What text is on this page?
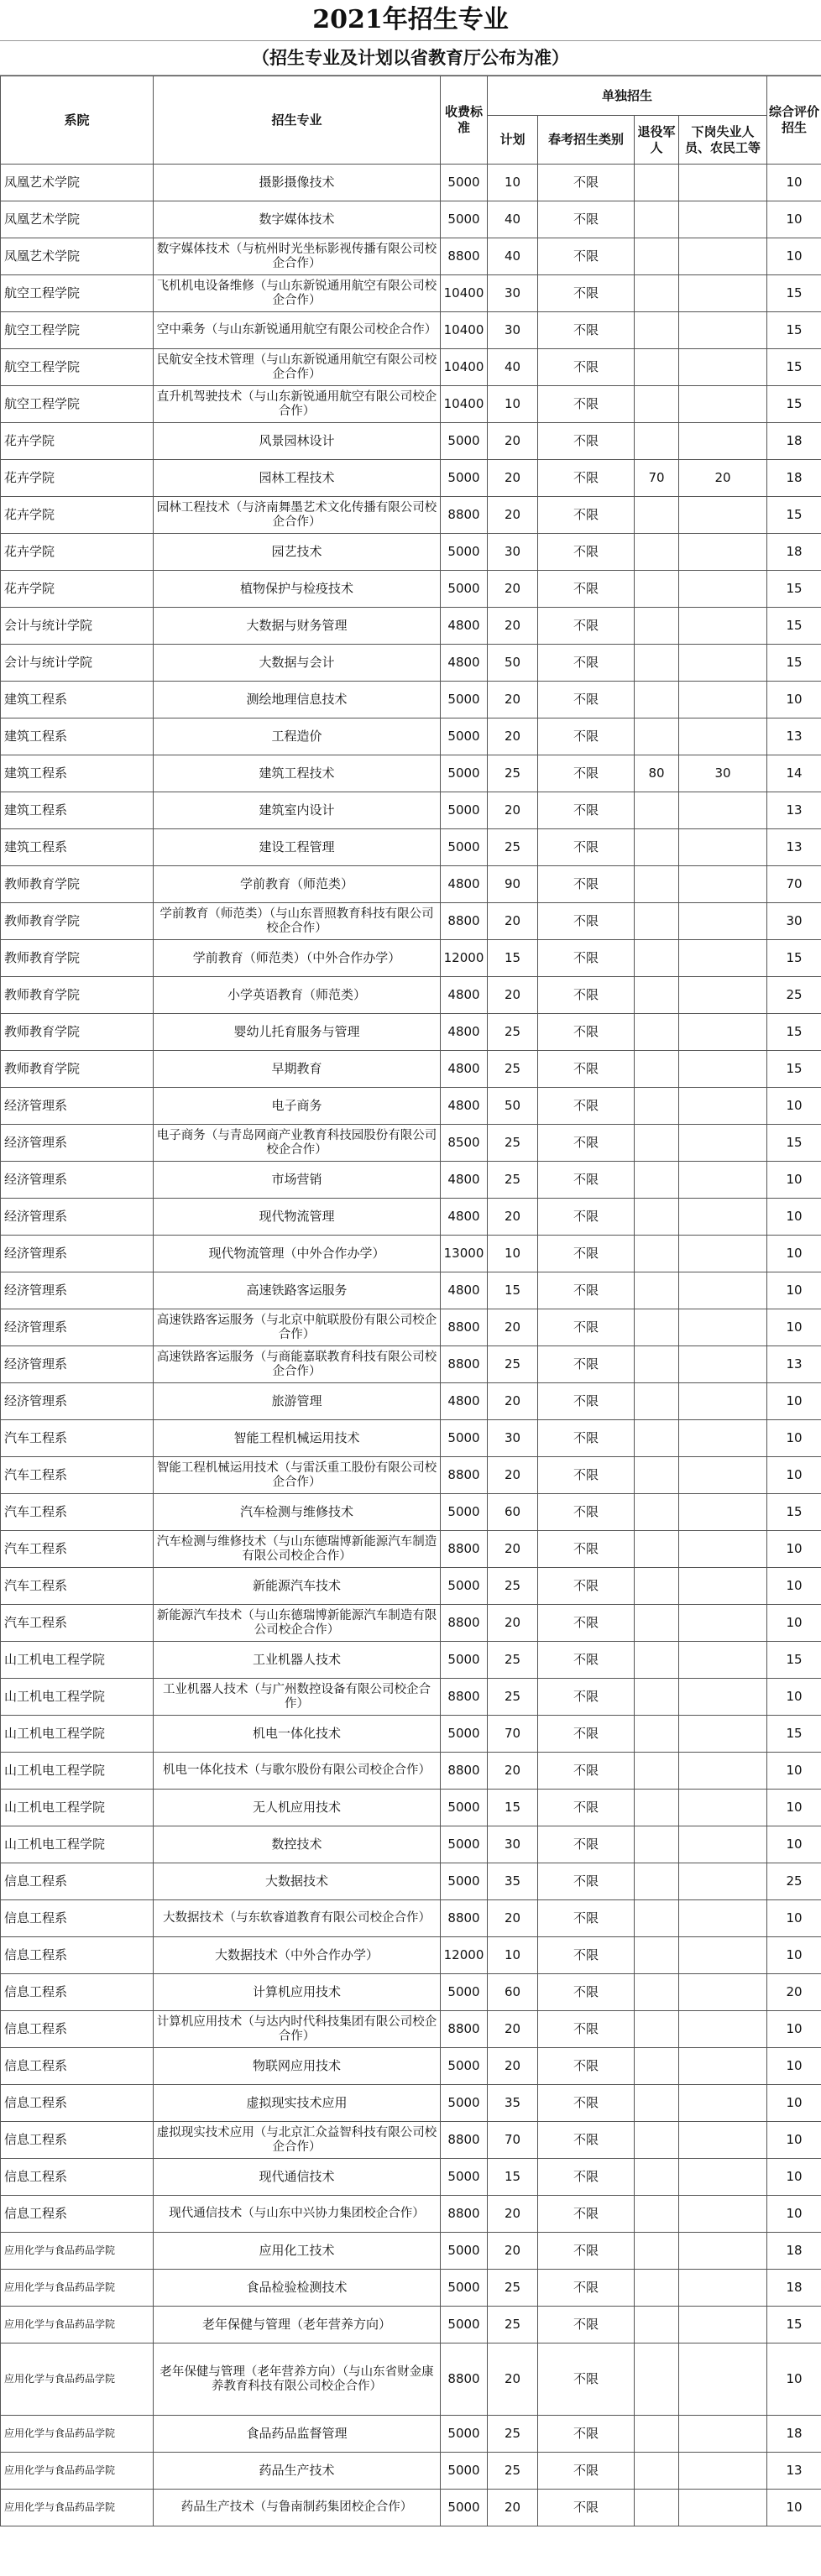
2021年招生专业
（招生专业及计划以省教育厅公布为准）
系院	招生专业	收费标准	单独招生				综合评价招生
			计划	春考招生类别	退役军人	下岗失业人员、农民工等	
凤凰艺术学院	摄影摄像技术	5000	10	不限			10
凤凰艺术学院	数字媒体技术	5000	40	不限			10
凤凰艺术学院	数字媒体技术（与杭州时光坐标影视传播有限公司校企合作）	8800	40	不限			10
航空工程学院	飞机机电设备维修（与山东新锐通用航空有限公司校企合作）	10400	30	不限			15
航空工程学院	空中乘务（与山东新锐通用航空有限公司校企合作）	10400	30	不限			15
航空工程学院	民航安全技术管理（与山东新锐通用航空有限公司校企合作）	10400	40	不限			15
航空工程学院	直升机驾驶技术（与山东新锐通用航空有限公司校企合作）	10400	10	不限			15
花卉学院	风景园林设计	5000	20	不限			18
花卉学院	园林工程技术	5000	20	不限	70	20	18
花卉学院	园林工程技术（与济南舞墨艺术文化传播有限公司校企合作）	8800	20	不限			15
花卉学院	园艺技术	5000	30	不限			18
花卉学院	植物保护与检疫技术	5000	20	不限			15
会计与统计学院	大数据与财务管理	4800	20	不限			15
会计与统计学院	大数据与会计	4800	50	不限			15
建筑工程系	测绘地理信息技术	5000	20	不限			10
建筑工程系	工程造价	5000	20	不限			13
建筑工程系	建筑工程技术	5000	25	不限	80	30	14
建筑工程系	建筑室内设计	5000	20	不限			13
建筑工程系	建设工程管理	5000	25	不限			13
教师教育学院	学前教育（师范类）	4800	90	不限			70
教师教育学院	学前教育（师范类）（与山东晋照教育科技有限公司校企合作）	8800	20	不限			30
教师教育学院	学前教育（师范类）（中外合作办学）	12000	15	不限			15
教师教育学院	小学英语教育（师范类）	4800	20	不限			25
教师教育学院	婴幼儿托育服务与管理	4800	25	不限			15
教师教育学院	早期教育	4800	25	不限			15
经济管理系	电子商务	4800	50	不限			10
经济管理系	电子商务（与青岛网商产业教育科技园股份有限公司校企合作）	8500	25	不限			15
经济管理系	市场营销	4800	25	不限			10
经济管理系	现代物流管理	4800	20	不限			10
经济管理系	现代物流管理（中外合作办学）	13000	10	不限			10
经济管理系	高速铁路客运服务	4800	15	不限			10
经济管理系	高速铁路客运服务（与北京中航联股份有限公司校企合作）	8800	20	不限			10
经济管理系	高速铁路客运服务（与商能嘉联教育科技有限公司校企合作）	8800	25	不限			13
经济管理系	旅游管理	4800	20	不限			10
汽车工程系	智能工程机械运用技术	5000	30	不限			10
汽车工程系	智能工程机械运用技术（与雷沃重工股份有限公司校企合作）	8800	20	不限			10
汽车工程系	汽车检测与维修技术	5000	60	不限			15
汽车工程系	汽车检测与维修技术（与山东德瑞博新能源汽车制造有限公司校企合作）	8800	20	不限			10
汽车工程系	新能源汽车技术	5000	25	不限			10
汽车工程系	新能源汽车技术（与山东德瑞博新能源汽车制造有限公司校企合作）	8800	20	不限			10
山工机电工程学院	工业机器人技术	5000	25	不限			15
山工机电工程学院	工业机器人技术（与广州数控设备有限公司校企合作）	8800	25	不限			10
山工机电工程学院	机电一体化技术	5000	70	不限			15
山工机电工程学院	机电一体化技术（与歌尔股份有限公司校企合作）	8800	20	不限			10
山工机电工程学院	无人机应用技术	5000	15	不限			10
山工机电工程学院	数控技术	5000	30	不限			10
信息工程系	大数据技术	5000	35	不限			25
信息工程系	大数据技术（与东软睿道教育有限公司校企合作）	8800	20	不限			10
信息工程系	大数据技术（中外合作办学）	12000	10	不限			10
信息工程系	计算机应用技术	5000	60	不限			20
信息工程系	计算机应用技术（与达内时代科技集团有限公司校企合作）	8800	20	不限			10
信息工程系	物联网应用技术	5000	20	不限			10
信息工程系	虚拟现实技术应用	5000	35	不限			10
信息工程系	虚拟现实技术应用（与北京汇众益智科技有限公司校企合作）	8800	70	不限			10
信息工程系	现代通信技术	5000	15	不限			10
信息工程系	现代通信技术（与山东中兴协力集团校企合作）	8800	20	不限			10
应用化学与食品药品学院	应用化工技术	5000	20	不限			18
应用化学与食品药品学院	食品检验检测技术	5000	25	不限			18
应用化学与食品药品学院	老年保健与管理（老年营养方向）	5000	25	不限			15
应用化学与食品药品学院	老年保健与管理（老年营养方向）（与山东省财金康养教育科技有限公司校企合作）	8800	20	不限			10
应用化学与食品药品学院	食品药品监督管理	5000	25	不限			18
应用化学与食品药品学院	药品生产技术	5000	25	不限			13
应用化学与食品药品学院	药品生产技术（与鲁南制药集团校企合作）	5000	20	不限			10
